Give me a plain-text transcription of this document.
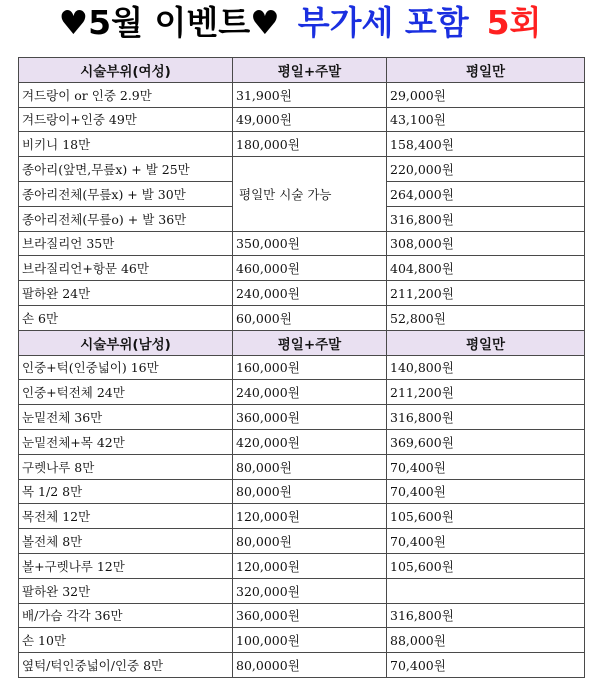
♥5월 이벤트♥ 부가세 포함 5회
시술부위(여성)	평일+주말	평일만
겨드랑이 or 인중 2.9만	31,900원	29,000원
겨드랑이+인중 49만	49,000원	43,100원
비키니 18만	180,000원	158,400원
종아리(앞면,무릎x) + 발 25만	평일만 시술 가능	220,000원
종아리전체(무릎x) + 발 30만		264,000원
종아리전체(무릎o) + 발 36만		316,800원
브라질리언 35만	350,000원	308,000원
브라질리언+항문 46만	460,000원	404,800원
팔하완 24만	240,000원	211,200원
손 6만	60,000원	52,800원
시술부위(남성)	평일+주말	평일만
인중+턱(인중넓이) 16만	160,000원	140,800원
인중+턱전체 24만	240,000원	211,200원
눈밑전체 36만	360,000원	316,800원
눈밑전체+목 42만	420,000원	369,600원
구렛나루 8만	80,000원	70,400원
목 1/2 8만	80,000원	70,400원
목전체 12만	120,000원	105,600원
볼전체 8만	80,000원	70,400원
볼+구렛나루 12만	120,000원	105,600원
팔하완 32만	320,000원	
배/가슴 각각 36만	360,000원	316,800원
손 10만	100,000원	88,000원
옆턱/턱인중넓이/인중 8만	80,0000원	70,400원
